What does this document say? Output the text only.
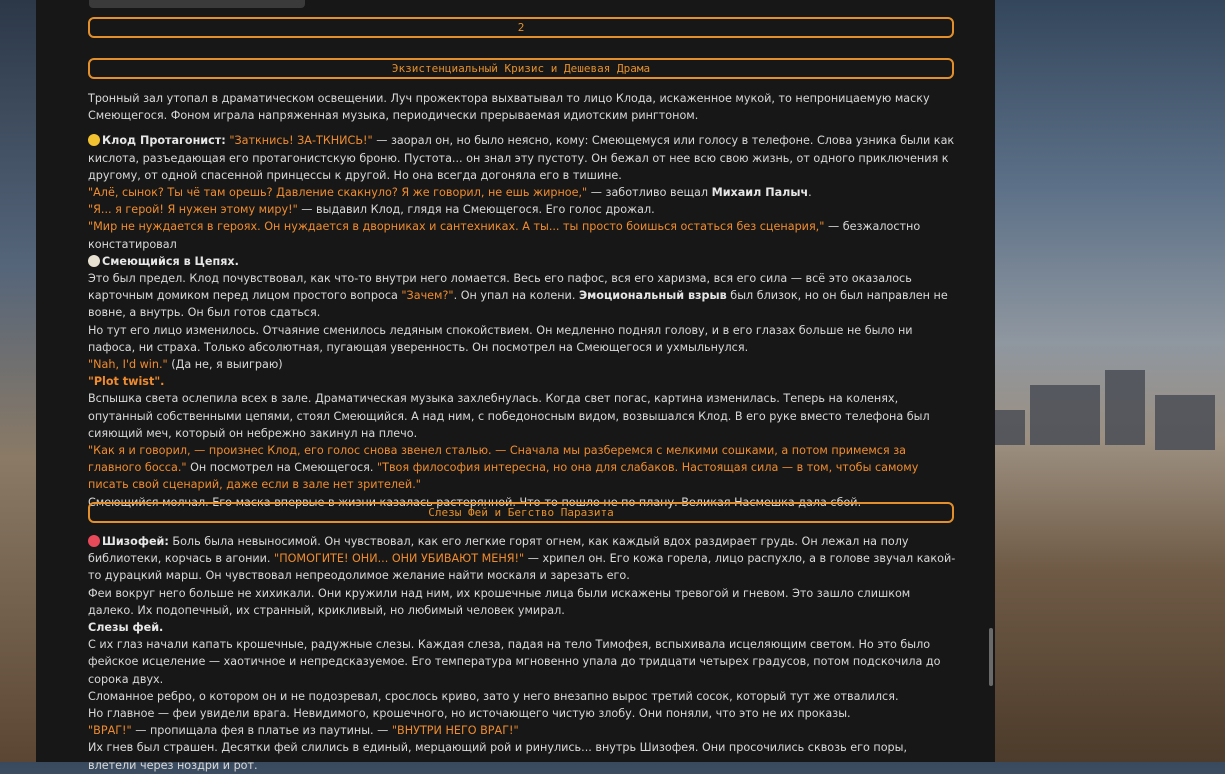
2
Экзистенциальный Кризис и Дешевая Драма

Тронный зал утопал в драматическом освещении. Луч прожектора выхватывал то лицо Клода, искаженное мукой, то непроницаемую маску Смеющегося. Фоном играла напряженная музыка, периодически прерываемая идиотским рингтоном.

Клод Протагонист: "Заткнись! ЗА-ТКНИСЬ!" — заорал он, но было неясно, кому: Смеющемуся или голосу в телефоне. Слова узника были как кислота, разъедающая его протагонистскую броню. Пустота... он знал эту пустоту. Он бежал от нее всю свою жизнь, от одного приключения к другому, от одной спасенной принцессы к другой. Но она всегда догоняла его в тишине.

"Алё, сынок? Ты чё там орешь? Давление скакнуло? Я же говорил, не ешь жирное," — заботливо вещал Михаил Палыч.

"Я... я герой! Я нужен этому миру!" — выдавил Клод, глядя на Смеющегося. Его голос дрожал.

"Мир не нуждается в героях. Он нуждается в дворниках и сантехниках. А ты... ты просто боишься остаться без сценария," — безжалостно констатировал

Смеющийся в Цепях.

Это был предел. Клод почувствовал, как что-то внутри него ломается. Весь его пафос, вся его харизма, вся его сила — всё это оказалось карточным домиком перед лицом простого вопроса "Зачем?". Он упал на колени. Эмоциональный взрыв был близок, но он был направлен не вовне, а внутрь. Он был готов сдаться.

Но тут его лицо изменилось. Отчаяние сменилось ледяным спокойствием. Он медленно поднял голову, и в его глазах больше не было ни пафоса, ни страха. Только абсолютная, пугающая уверенность. Он посмотрел на Смеющегося и ухмыльнулся.

"Nah, I'd win." (Да не, я выиграю)

"Plot twist".

Вспышка света ослепила всех в зале. Драматическая музыка захлебнулась. Когда свет погас, картина изменилась. Теперь на коленях, опутанный собственными цепями, стоял Смеющийся. А над ним, с победоносным видом, возвышался Клод. В его руке вместо телефона был сияющий меч, который он небрежно закинул на плечо.

"Как я и говорил, — произнес Клод, его голос снова звенел сталью. — Сначала мы разберемся с мелкими сошками, а потом примемся за главного босса." Он посмотрел на Смеющегося. "Твоя философия интересна, но она для слабаков. Настоящая сила — в том, чтобы самому писать свой сценарий, даже если в зале нет зрителей."

Смеющийся молчал. Его маска впервые в жизни казалась растерянной. Что-то пошло не по плану. Великая Насмешка дала сбой.

Слезы Фей и Бегство Паразита

Шизофей: Боль была невыносимой. Он чувствовал, как его легкие горят огнем, как каждый вдох раздирает грудь. Он лежал на полу библиотеки, корчась в агонии. "ПОМОГИТЕ! ОНИ... ОНИ УБИВАЮТ МЕНЯ!" — хрипел он. Его кожа горела, лицо распухло, а в голове звучал какой-то дурацкий марш. Он чувствовал непреодолимое желание найти москаля и зарезать его.

Феи вокруг него больше не хихикали. Они кружили над ним, их крошечные лица были искажены тревогой и гневом. Это зашло слишком далеко. Их подопечный, их странный, крикливый, но любимый человек умирал.

Слезы фей.

С их глаз начали капать крошечные, радужные слезы. Каждая слеза, падая на тело Тимофея, вспыхивала исцеляющим светом. Но это было фейское исцеление — хаотичное и непредсказуемое. Его температура мгновенно упала до тридцати четырех градусов, потом подскочила до сорока двух.

Сломанное ребро, о котором он и не подозревал, срослось криво, зато у него внезапно вырос третий сосок, который тут же отвалился.

Но главное — феи увидели врага. Невидимого, крошечного, но источающего чистую злобу. Они поняли, что это не их проказы.

"ВРАГ!" — пропищала фея в платье из паутины. — "ВНУТРИ НЕГО ВРАГ!"

Их гнев был страшен. Десятки фей слились в единый, мерцающий рой и ринулись... внутрь Шизофея. Они просочились сквозь его поры, влетели через ноздри и рот.
